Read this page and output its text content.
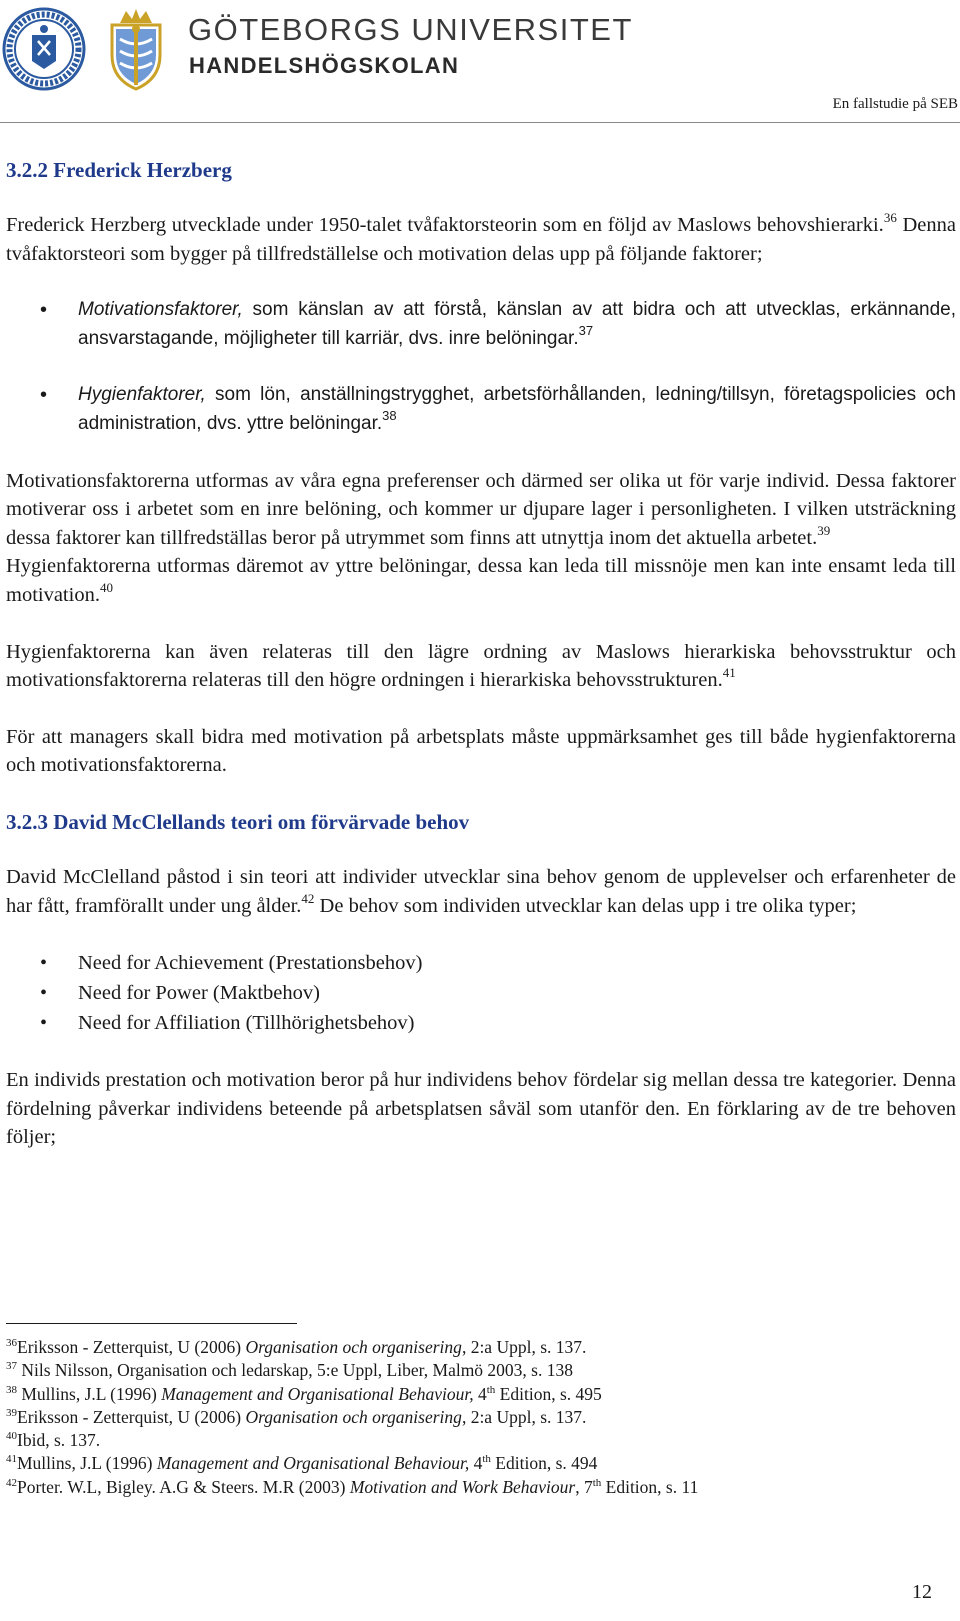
GÖTEBORGS UNIVERSITET
HANDELSHÖGSKOLAN
En fallstudie på SEB
3.2.2 Frederick Herzberg

Frederick Herzberg utvecklade under 1950-talet tvåfaktorsteorin som en följd av Maslows behovshierarki.$^{36}$ Denna tvåfaktorsteori som bygger på tillfredställelse och motivation delas upp på följande faktorer;

• Motivationsfaktorer, som känslan av att förstå, känslan av att bidra och att utvecklas, erkännande, ansvarstagande, möjligheter till karriär, dvs. inre belöningar.$^{37}$
• Hygienfaktorer, som lön, anställningstrygghet, arbetsförhållanden, ledning/tillsyn, företagspolicies och administration, dvs. yttre belöningar.$^{38}$

Motivationsfaktorerna utformas av våra egna preferenser och därmed ser olika ut för varje individ. Dessa faktorer motiverar oss i arbetet som en inre belöning, och kommer ur djupare lager i personligheten. I vilken utsträckning dessa faktorer kan tillfredställas beror på utrymmet som finns att utnyttja inom det aktuella arbetet.$^{39}$

Hygienfaktorerna utformas däremot av yttre belöningar, dessa kan leda till missnöje men kan inte ensamt leda till motivation.$^{40}$

Hygienfaktorerna kan även relateras till den lägre ordning av Maslows hierarkiska behovsstruktur och motivationsfaktorerna relateras till den högre ordningen i hierarkiska behovsstrukturen.$^{41}$

För att managers skall bidra med motivation på arbetsplats måste uppmärksamhet ges till både hygienfaktorerna och motivationsfaktorerna.

3.2.3 David McClellands teori om förvärvade behov

David McClelland påstod i sin teori att individer utvecklar sina behov genom de upplevelser och erfarenheter de har fått, framförallt under ung ålder.$^{42}$ De behov som individen utvecklar kan delas upp i tre olika typer;

• Need for Achievement (Prestationsbehov)
• Need for Power (Maktbehov)
• Need for Affiliation (Tillhörighetsbehov)

En individs prestation och motivation beror på hur individens behov fördelar sig mellan dessa tre kategorier. Denna fördelning påverkar individens beteende på arbetsplatsen såväl som utanför den. En förklaring av de tre behoven följer;

$^{36}$Eriksson - Zetterquist, U (2006) Organisation och organisering, 2:a Uppl, s. 137.
$^{37}$ Nils Nilsson, Organisation och ledarskap, 5:e Uppl, Liber, Malmö 2003, s. 138
$^{38}$ Mullins, J.L (1996) Management and Organisational Behaviour, 4th Edition, s. 495
$^{39}$Eriksson - Zetterquist, U (2006) Organisation och organisering, 2:a Uppl, s. 137.
$^{40}$Ibid, s. 137.
$^{41}$Mullins, J.L (1996) Management and Organisational Behaviour, 4th Edition, s. 494
$^{42}$Porter. W.L, Bigley. A.G & Steers. M.R (2003) Motivation and Work Behaviour, 7th Edition, s. 11
12
